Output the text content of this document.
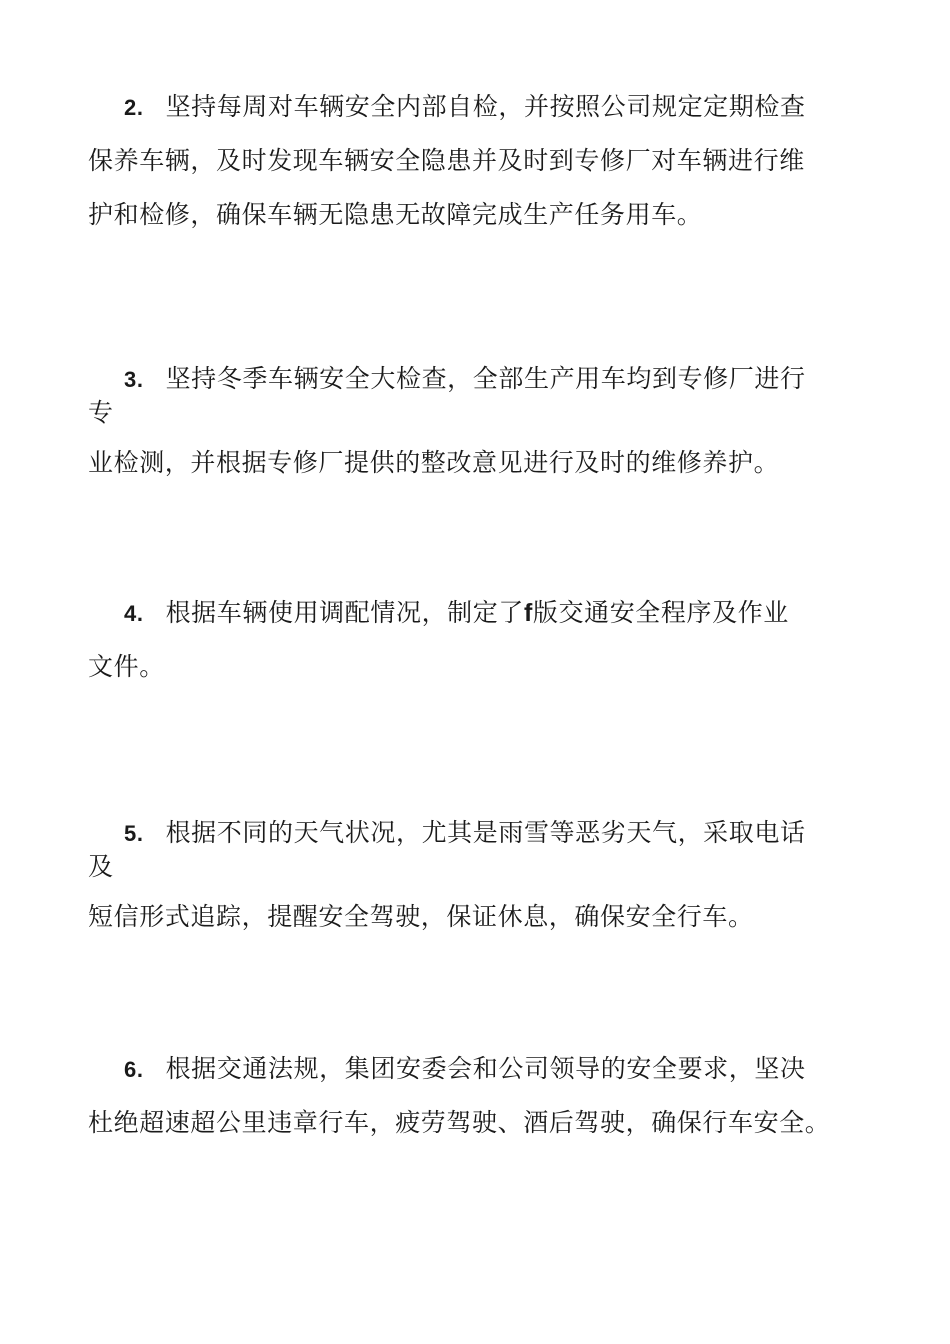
2. 坚持每周对车辆安全内部自检，并按照公司规定定期检查
保养车辆，及时发现车辆安全隐患并及时到专修厂对车辆进行维
护和检修，确保车辆无隐患无故障完成生产任务用车。
3. 坚持冬季车辆安全大检查，全部生产用车均到专修厂进行
专
业检测，并根据专修厂提供的整改意见进行及时的维修养护。
4. 根据车辆使用调配情况，制定了f版交通安全程序及作业
文件。
5. 根据不同的天气状况，尤其是雨雪等恶劣天气，采取电话
及
短信形式追踪，提醒安全驾驶，保证休息，确保安全行车。
6. 根据交通法规，集团安委会和公司领导的安全要求，坚决
杜绝超速超公里违章行车，疲劳驾驶、酒后驾驶，确保行车安全。
